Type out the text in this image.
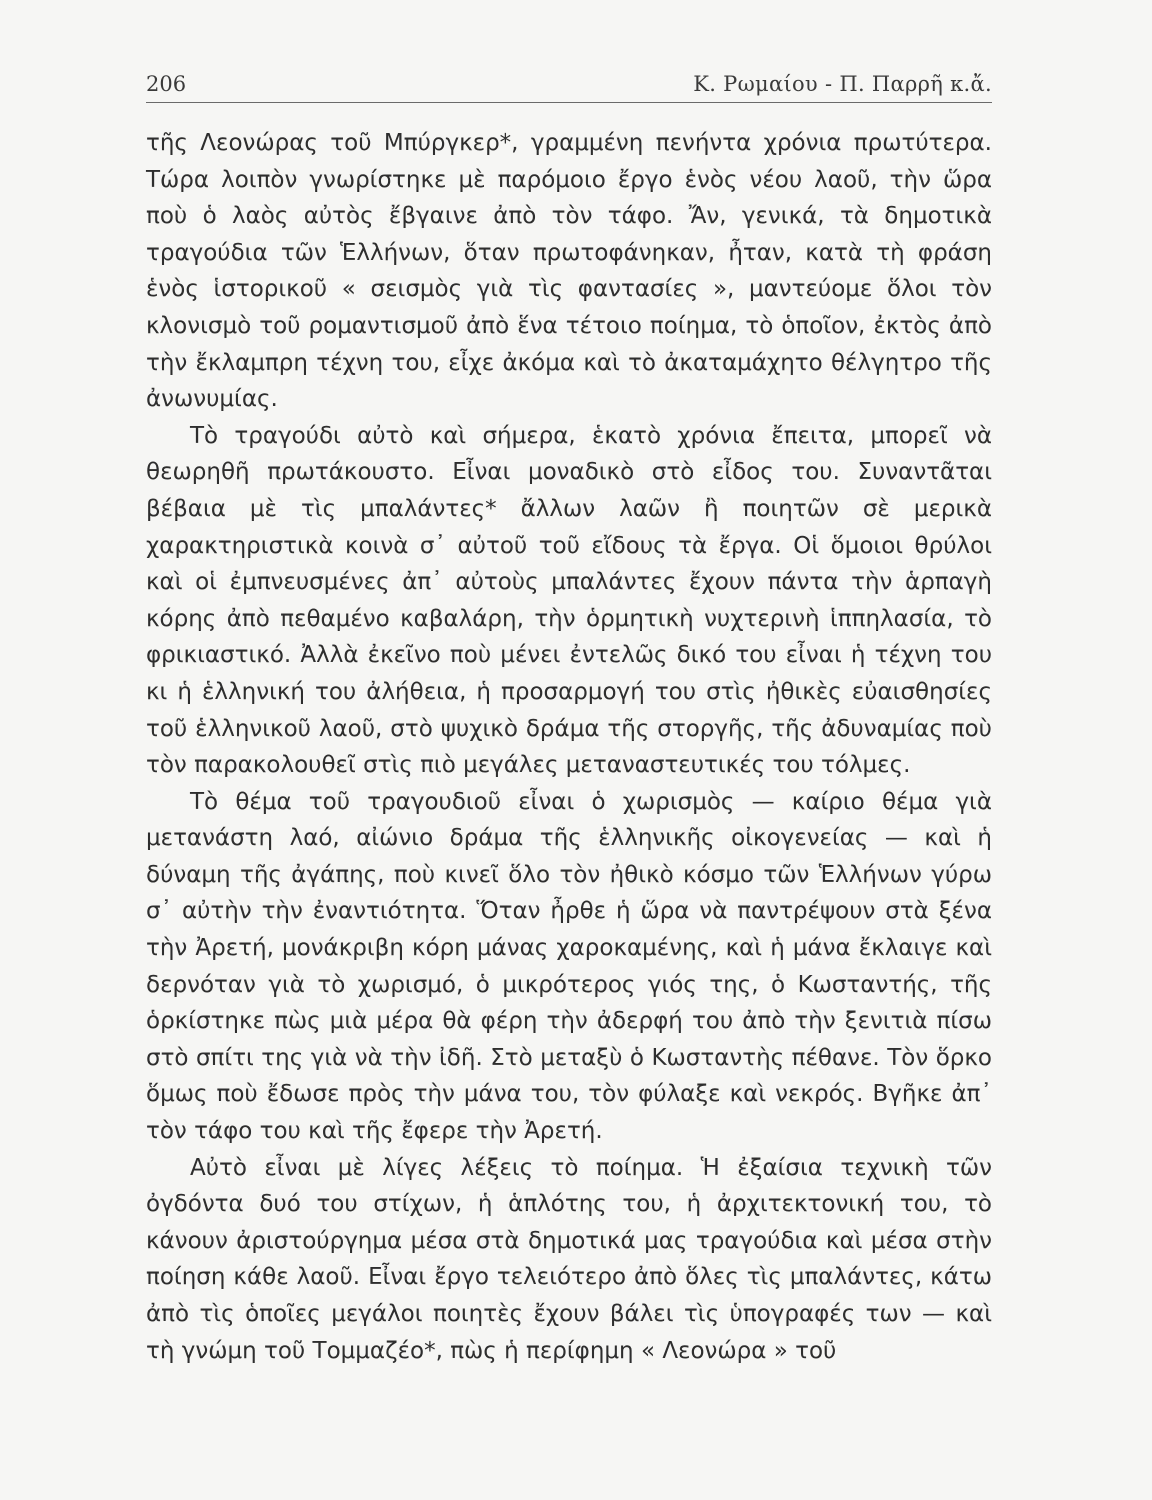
206	Κ. Ρωμαίου - Π. Παρρῆ κ.ἄ.

τῆς Λεονώρας τοῦ Μπύργκερ*, γραμμένη πενήντα χρόνια πρωτύτερα. Τώρα λοιπὸν γνωρίστηκε μὲ παρόμοιο ἔργο ἑνὸς νέου λαοῦ, τὴν ὥρα ποὺ ὁ λαὸς αὐτὸς ἔβγαινε ἀπὸ τὸν τάφο. Ἄν, γενικά, τὰ δημοτικὰ τραγούδια τῶν Ἑλλήνων, ὅταν πρωτοφάνηκαν, ἦταν, κατὰ τὴ φράση ἑνὸς ἱστορικοῦ « σεισμὸς γιὰ τὶς φαντασίες », μαντεύομε ὅλοι τὸν κλονισμὸ τοῦ ρομαντισμοῦ ἀπὸ ἕνα τέτοιο ποίημα, τὸ ὁποῖον, ἐκτὸς ἀπὸ τὴν ἔκλαμπρη τέχνη του, εἶχε ἀκόμα καὶ τὸ ἀκαταμάχητο θέλγητρο τῆς ἀνωνυμίας.

Τὸ τραγούδι αὐτὸ καὶ σήμερα, ἑκατὸ χρόνια ἔπειτα, μπορεῖ νὰ θεωρηθῆ πρωτάκουστο. Εἶναι μοναδικὸ στὸ εἶδος του. Συναντᾶται βέβαια μὲ τὶς μπαλάντες* ἄλλων λαῶν ἢ ποιητῶν σὲ μερικὰ χαρακτηριστικὰ κοινὰ σ᾽ αὐτοῦ τοῦ εἴδους τὰ ἔργα. Οἱ ὅμοιοι θρύλοι καὶ οἱ ἐμπνευσμένες ἀπ᾽ αὐτοὺς μπαλάντες ἔχουν πάντα τὴν ἁρπαγὴ κόρης ἀπὸ πεθαμένο καβαλάρη, τὴν ὁρμητικὴ νυχτερινὴ ἱππηλασία, τὸ φρικιαστικό. Ἀλλὰ ἐκεῖνο ποὺ μένει ἐντελῶς δικό του εἶναι ἡ τέχνη του κι ἡ ἑλληνική του ἀλήθεια, ἡ προσαρμογή του στὶς ἠθικὲς εὐαισθησίες τοῦ ἑλληνικοῦ λαοῦ, στὸ ψυχικὸ δράμα τῆς στοργῆς, τῆς ἀδυναμίας ποὺ τὸν παρακολουθεῖ στὶς πιὸ μεγάλες μεταναστευτικές του τόλμες.

Τὸ θέμα τοῦ τραγουδιοῦ εἶναι ὁ χωρισμὸς — καίριο θέμα γιὰ μετανάστη λαό, αἰώνιο δράμα τῆς ἑλληνικῆς οἰκογενείας — καὶ ἡ δύναμη τῆς ἀγάπης, ποὺ κινεῖ ὅλο τὸν ἠθικὸ κόσμο τῶν Ἑλλήνων γύρω σ᾽ αὐτὴν τὴν ἐναντιότητα. Ὅταν ἦρθε ἡ ὥρα νὰ παντρέψουν στὰ ξένα τὴν Ἀρετή, μονάκριβη κόρη μάνας χαροκαμένης, καὶ ἡ μάνα ἔκλαιγε καὶ δερνόταν γιὰ τὸ χωρισμό, ὁ μικρότερος γιός της, ὁ Κωσταντής, τῆς ὁρκίστηκε πὼς μιὰ μέρα θὰ φέρη τὴν ἀδερφή του ἀπὸ τὴν ξενιτιὰ πίσω στὸ σπίτι της γιὰ νὰ τὴν ἰδῆ. Στὸ μεταξὺ ὁ Κωσταντὴς πέθανε. Τὸν ὅρκο ὅμως ποὺ ἔδωσε πρὸς τὴν μάνα του, τὸν φύλαξε καὶ νεκρός. Βγῆκε ἀπ᾽ τὸν τάφο του καὶ τῆς ἔφερε τὴν Ἀρετή.

Αὐτὸ εἶναι μὲ λίγες λέξεις τὸ ποίημα. Ἡ ἐξαίσια τεχνικὴ τῶν ὀγδόντα δυό του στίχων, ἡ ἁπλότης του, ἡ ἀρχιτεκτονική του, τὸ κάνουν ἀριστούργημα μέσα στὰ δημοτικά μας τραγούδια καὶ μέσα στὴν ποίηση κάθε λαοῦ. Εἶναι ἔργο τελειότερο ἀπὸ ὅλες τὶς μπαλάντες, κάτω ἀπὸ τὶς ὁποῖες μεγάλοι ποιητὲς ἔχουν βάλει τὶς ὑπογραφές των — καὶ τὴ γνώμη τοῦ Τομμαζέο*, πὼς ἡ περίφημη « Λεονώρα » τοῦ
